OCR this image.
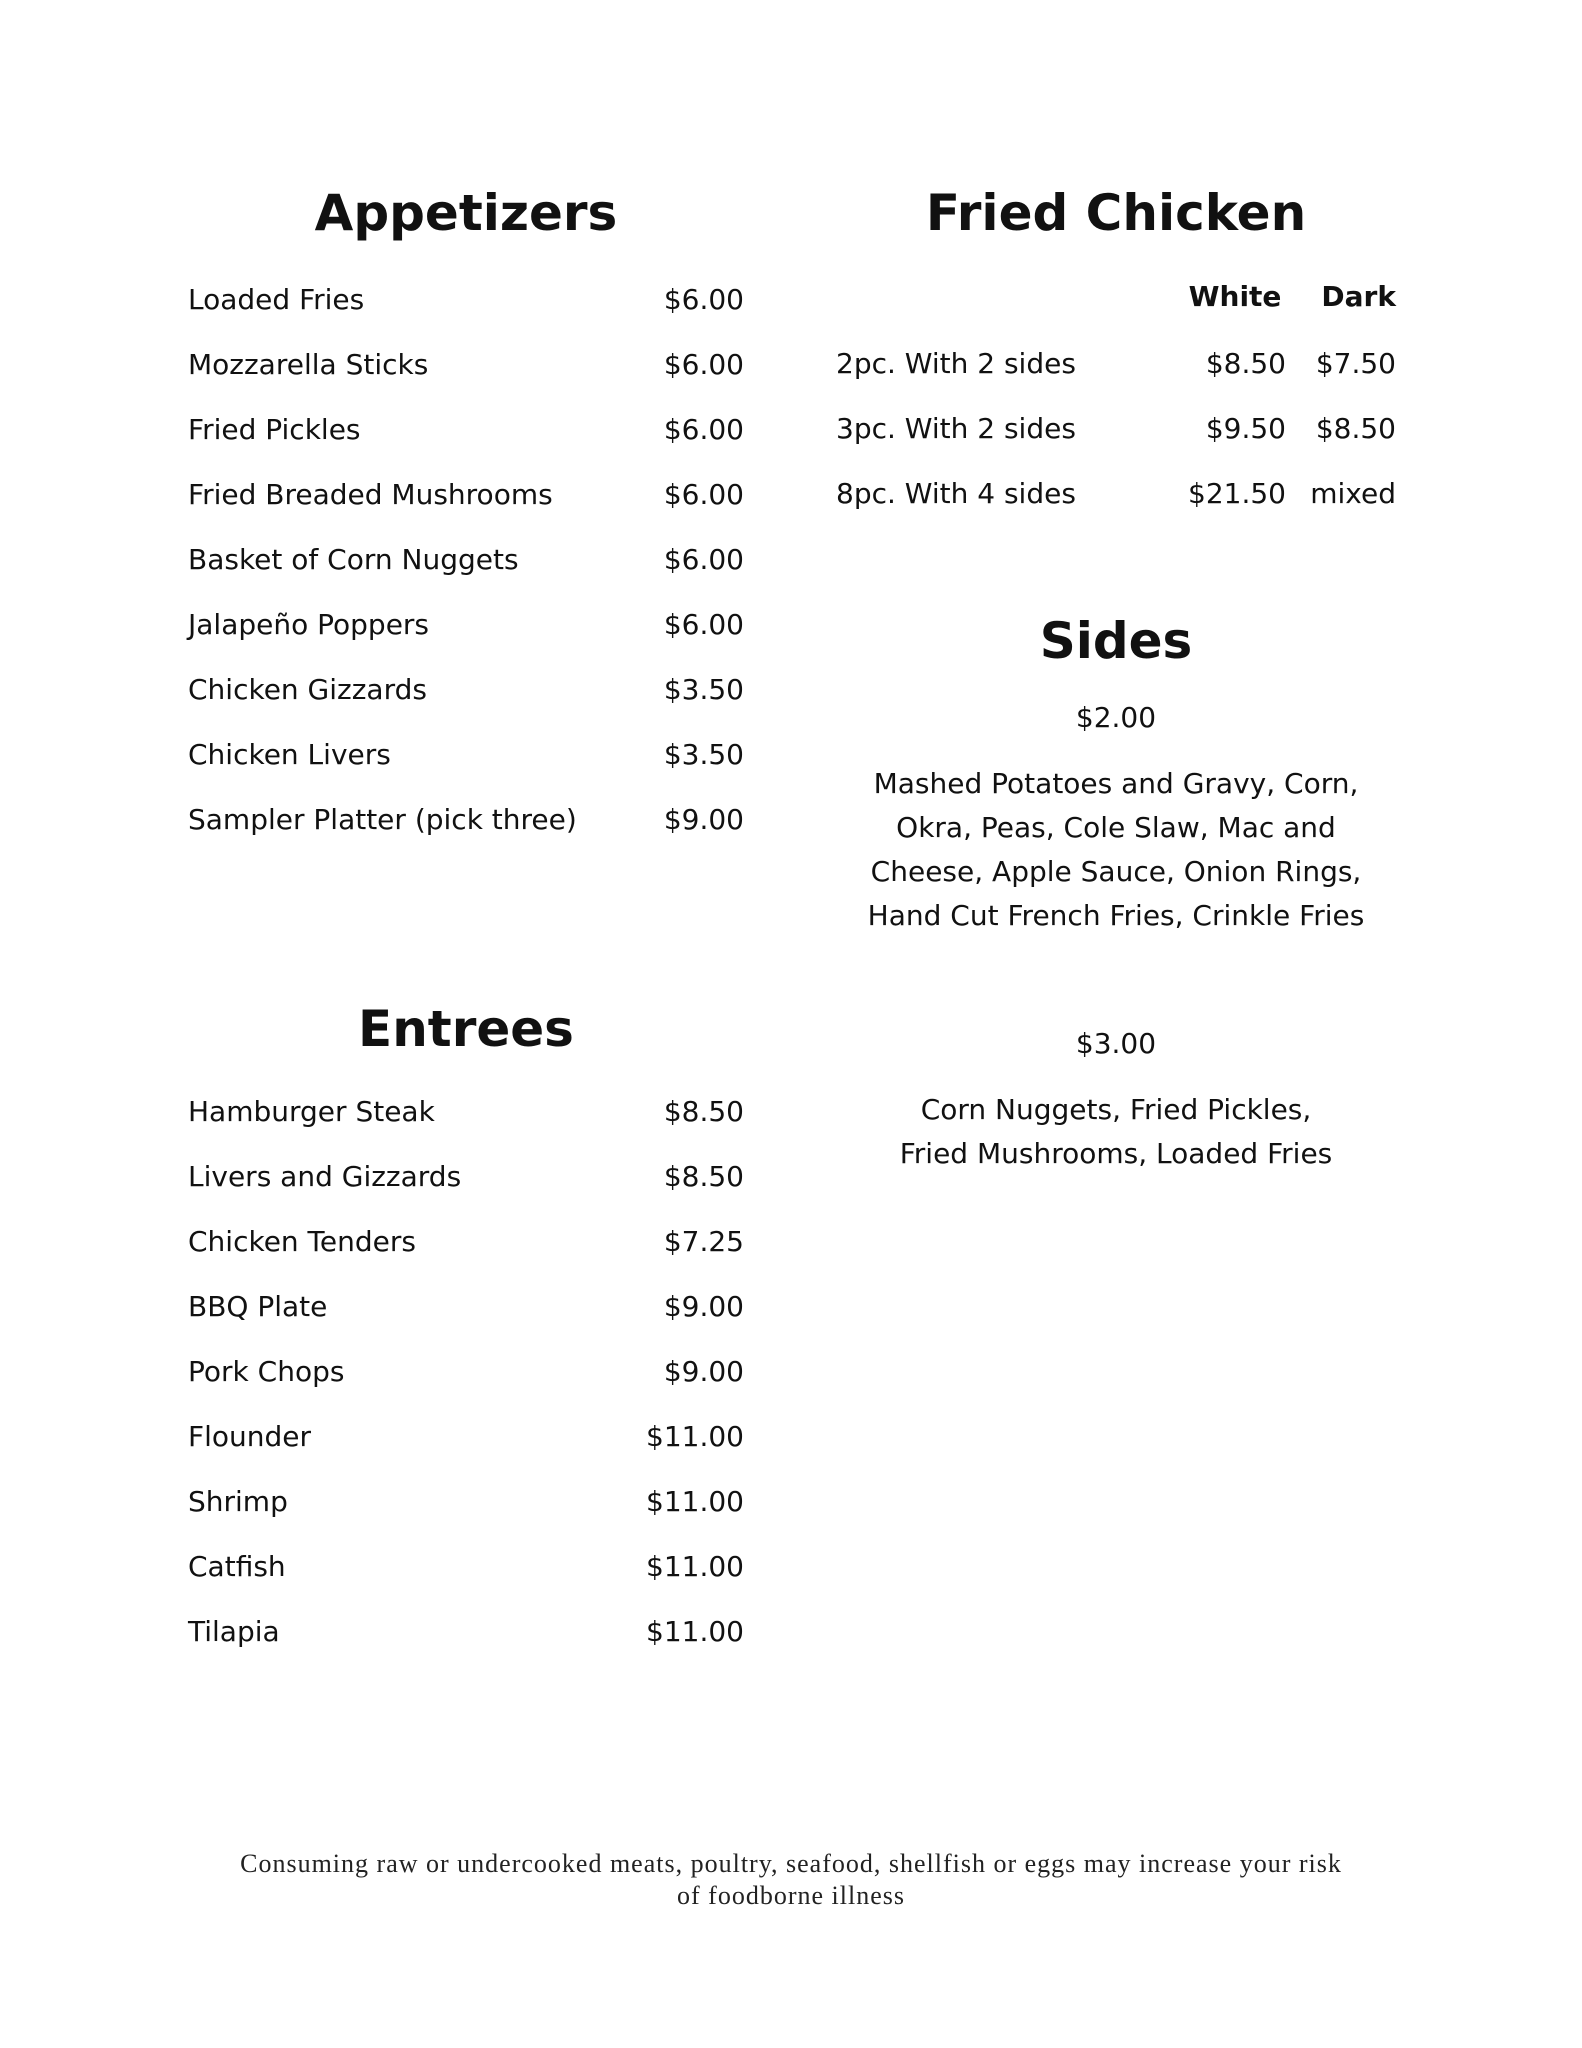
Appetizers
Loaded Fries	$6.00
Mozzarella Sticks	$6.00
Fried Pickles	$6.00
Fried Breaded Mushrooms	$6.00
Basket of Corn Nuggets	$6.00
Jalapeño Poppers	$6.00
Chicken Gizzards	$3.50
Chicken Livers	$3.50
Sampler Platter (pick three)	$9.00
Entrees
Hamburger Steak	$8.50
Livers and Gizzards	$8.50
Chicken Tenders	$7.25
BBQ Plate	$9.00
Pork Chops	$9.00
Flounder	$11.00
Shrimp	$11.00
Catfish	$11.00
Tilapia	$11.00
Fried Chicken
White Dark
2pc. With 2 sides	$8.50	$7.50
3pc. With 2 sides	$9.50	$8.50
8pc. With 4 sides	$21.50 mixed
Sides
$2.00
Mashed Potatoes and Gravy, Corn, Okra, Peas, Cole Slaw, Mac and Cheese, Apple Sauce, Onion Rings, Hand Cut French Fries, Crinkle Fries
$3.00
Corn Nuggets, Fried Pickles, Fried Mushrooms, Loaded Fries
Consuming raw or undercooked meats, poultry, seafood, shellfish or eggs may increase your risk
of foodborne illness
